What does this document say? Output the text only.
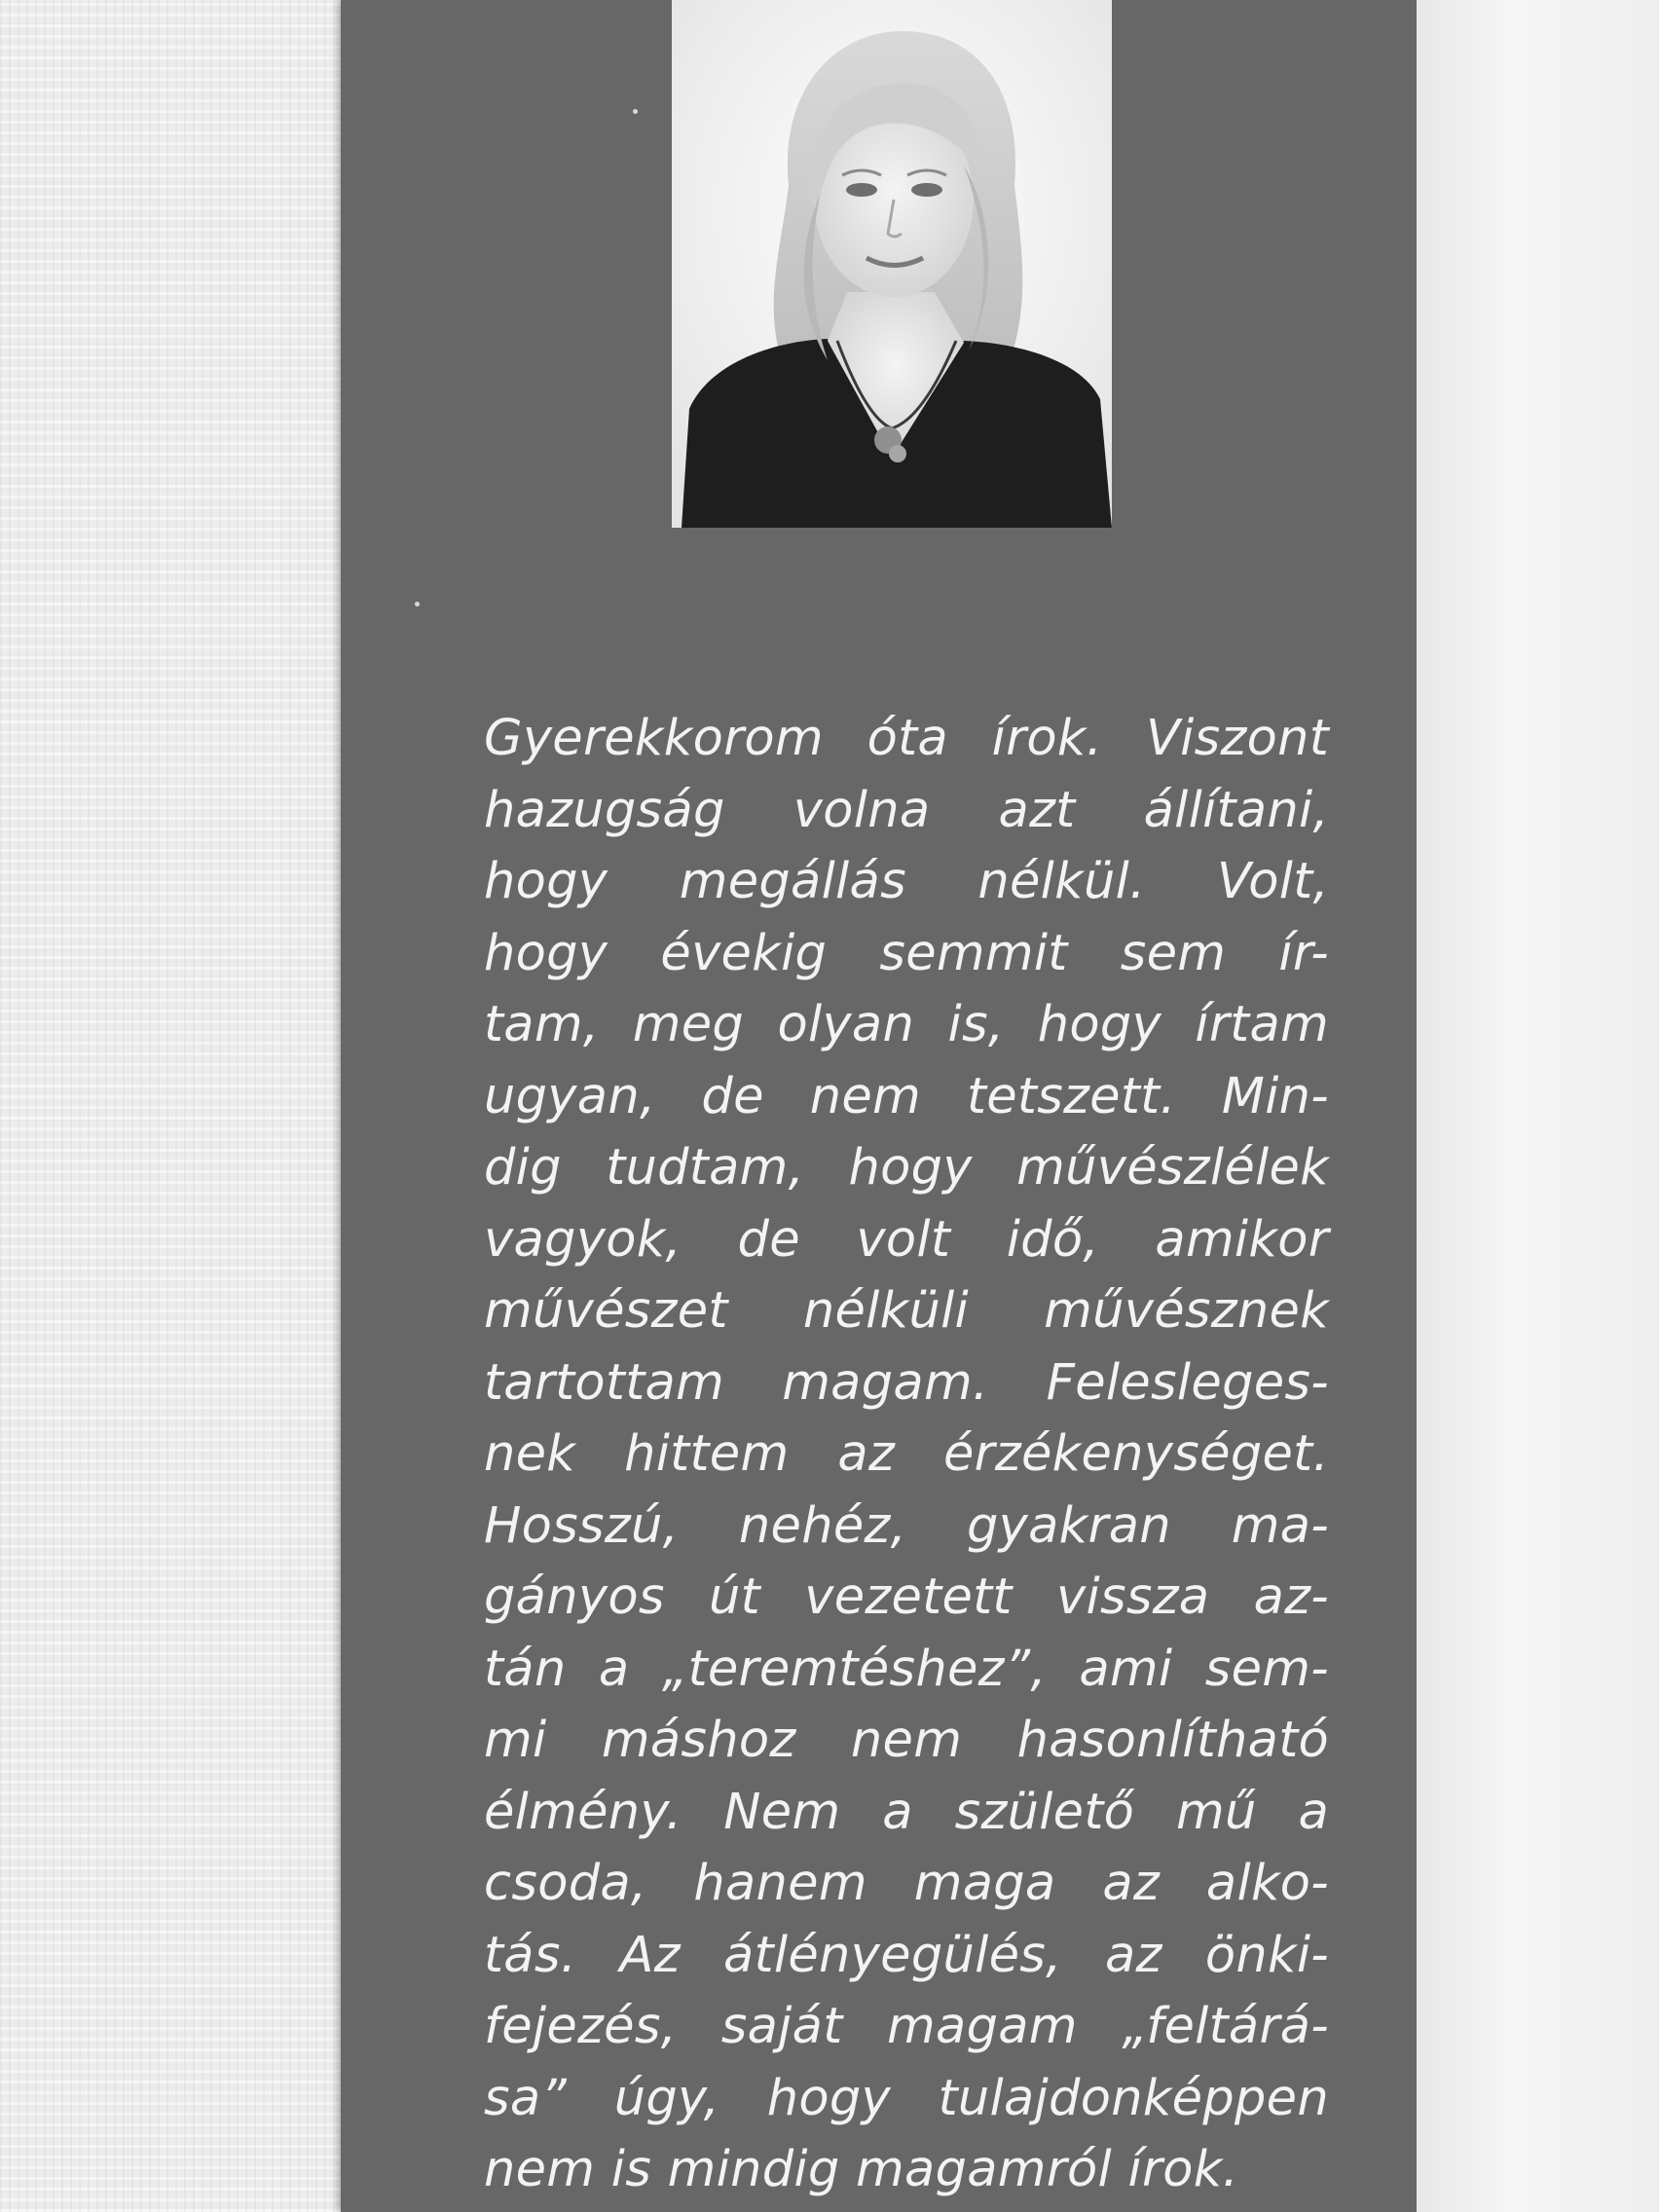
Gyerekkorom óta írok. Viszont
hazugság volna azt állítani,
hogy megállás nélkül. Volt,
hogy évekig semmit sem ír-
tam, meg olyan is, hogy írtam
ugyan, de nem tetszett. Min-
dig tudtam, hogy művészlélek
vagyok, de volt idő, amikor
művészet nélküli művésznek
tartottam magam. Felesleges-
nek hittem az érzékenységet.
Hosszú, nehéz, gyakran ma-
gányos út vezetett vissza az-
tán a „teremtéshez”, ami sem-
mi máshoz nem hasonlítható
élmény. Nem a születő mű a
csoda, hanem maga az alko-
tás. Az átlényegülés, az önki-
fejezés, saját magam „feltárá-
sa” úgy, hogy tulajdonképpen
nem is mindig magamról írok.
